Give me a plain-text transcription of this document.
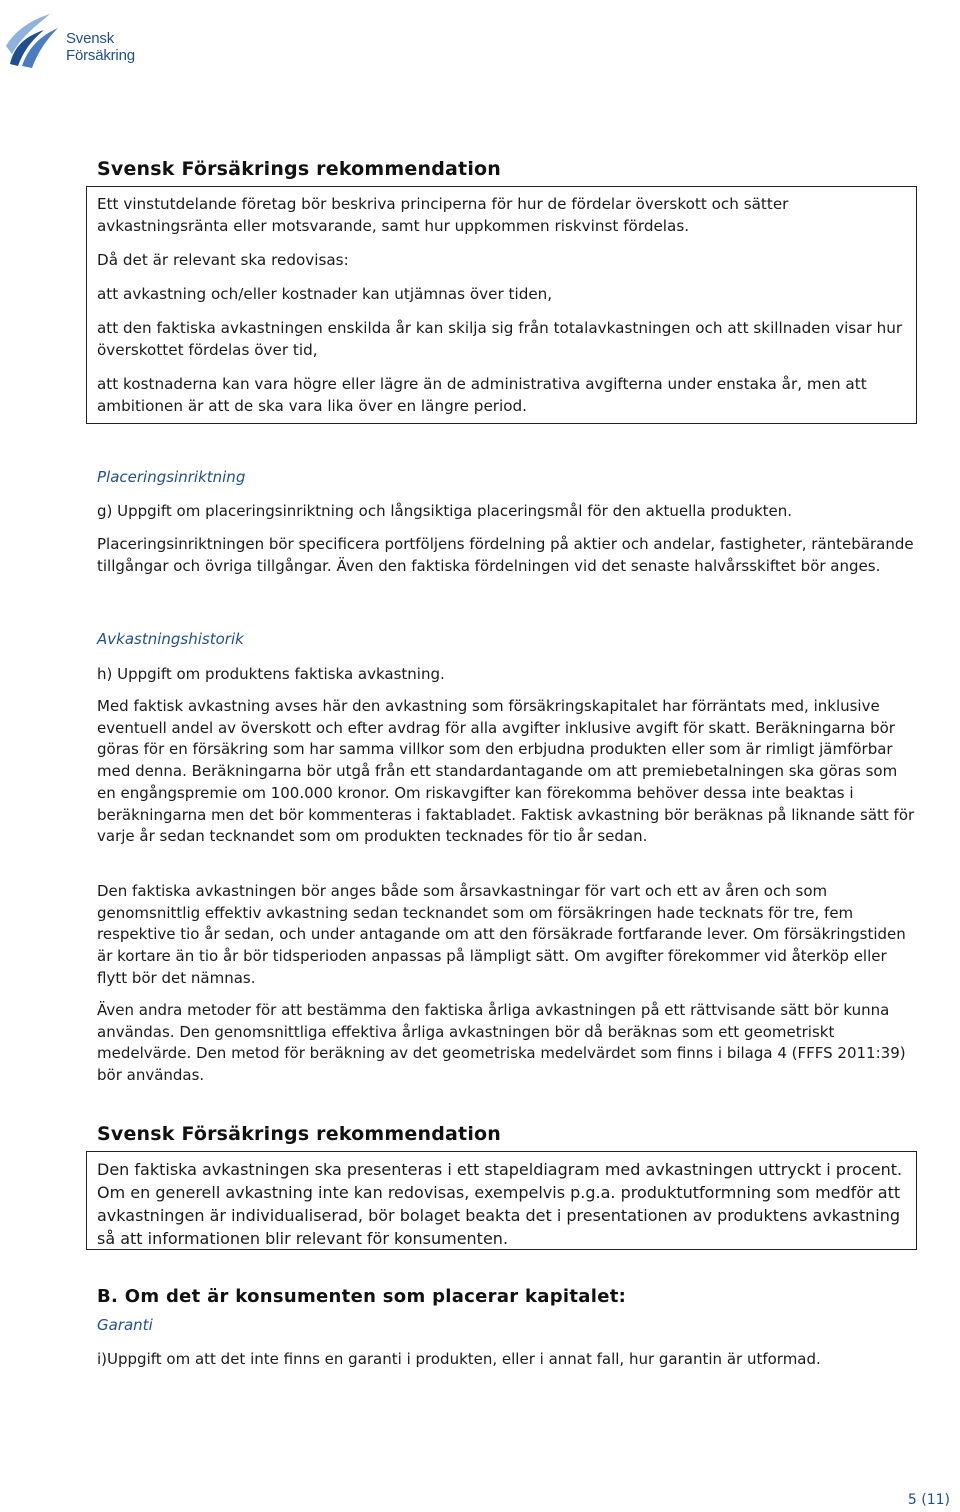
Svensk Försäkring
Svensk Försäkrings rekommendation

Ett vinstutdelande företag bör beskriva principerna för hur de fördelar överskott och sätter avkastningsränta eller motsvarande, samt hur uppkommen riskvinst fördelas.

Då det är relevant ska redovisas:

att avkastning och/eller kostnader kan utjämnas över tiden,

att den faktiska avkastningen enskilda år kan skilja sig från totalavkastningen och att skillnaden visar hur överskottet fördelas över tid,

att kostnaderna kan vara högre eller lägre än de administrativa avgifterna under enstaka år, men att ambitionen är att de ska vara lika över en längre period.

Placeringsinriktning

g) Uppgift om placeringsinriktning och långsiktiga placeringsmål för den aktuella produkten.

Placeringsinriktningen bör specificera portföljens fördelning på aktier och andelar, fastigheter, räntebärande tillgångar och övriga tillgångar. Även den faktiska fördelningen vid det senaste halvårsskiftet bör anges.

Avkastningshistorik

h) Uppgift om produktens faktiska avkastning.

Med faktisk avkastning avses här den avkastning som försäkringskapitalet har förräntats med, inklusive eventuell andel av överskott och efter avdrag för alla avgifter inklusive avgift för skatt. Beräkningarna bör göras för en försäkring som har samma villkor som den erbjudna produkten eller som är rimligt jämförbar med denna. Beräkningarna bör utgå från ett standardantagande om att premiebetalningen ska göras som en engångspremie om 100.000 kronor. Om riskavgifter kan förekomma behöver dessa inte beaktas i beräkningarna men det bör kommenteras i faktabladet. Faktisk avkastning bör beräknas på liknande sätt för varje år sedan tecknandet som om produkten tecknades för tio år sedan.

Den faktiska avkastningen bör anges både som årsavkastningar för vart och ett av åren och som genomsnittlig effektiv avkastning sedan tecknandet som om försäkringen hade tecknats för tre, fem respektive tio år sedan, och under antagande om att den försäkrade fortfarande lever. Om försäkringstiden är kortare än tio år bör tidsperioden anpassas på lämpligt sätt. Om avgifter förekommer vid återköp eller flytt bör det nämnas.

Även andra metoder för att bestämma den faktiska årliga avkastningen på ett rättvisande sätt bör kunna användas. Den genomsnittliga effektiva årliga avkastningen bör då beräknas som ett geometriskt medelvärde. Den metod för beräkning av det geometriska medelvärdet som finns i bilaga 4 (FFFS 2011:39) bör användas.

Svensk Försäkrings rekommendation

Den faktiska avkastningen ska presenteras i ett stapeldiagram med avkastningen uttryckt i procent. Om en generell avkastning inte kan redovisas, exempelvis p.g.a. produktutformning som medför att avkastningen är individualiserad, bör bolaget beakta det i presentationen av produktens avkastning så att informationen blir relevant för konsumenten.

B. Om det är konsumenten som placerar kapitalet:

Garanti

i)Uppgift om att det inte finns en garanti i produkten, eller i annat fall, hur garantin är utformad.

5 (11)
